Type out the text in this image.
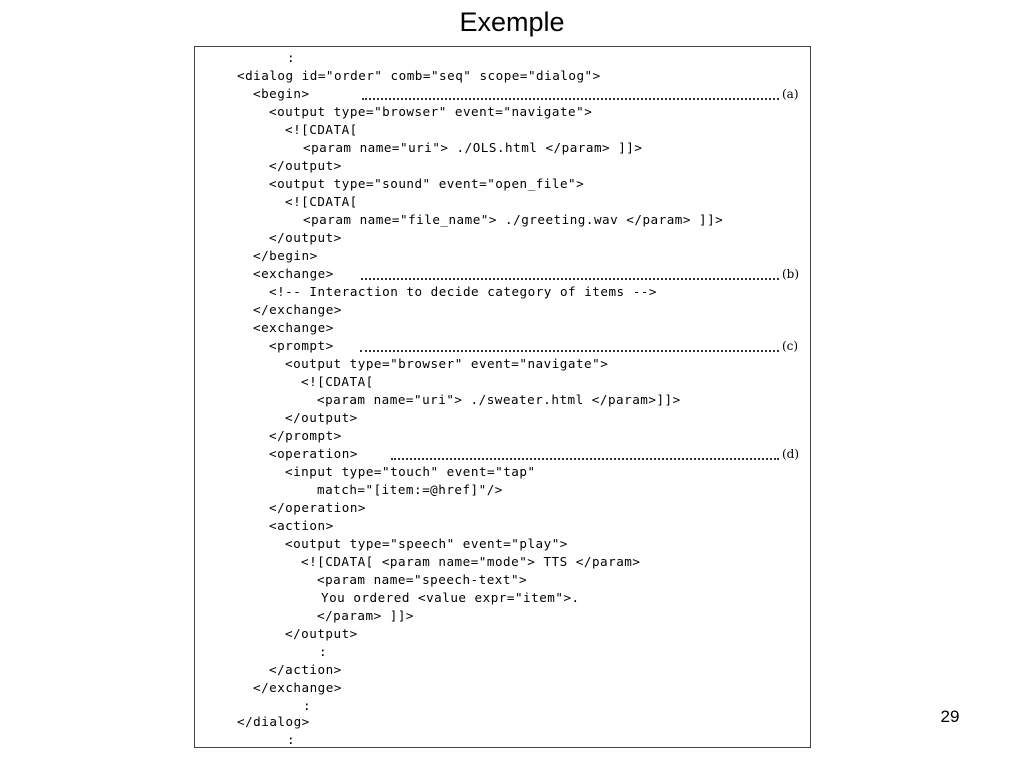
Exemple
:
<dialog id="order" comb="seq" scope="dialog">
<begin>	(a)
<output type="browser" event="navigate">
<![CDATA[
<param name="uri"> ./OLS.html </param> ]]>
</output>
<output type="sound" event="open_file">
<![CDATA[
<param name="file_name"> ./greeting.wav </param> ]]>
</output>
</begin>
<exchange>	(b)
<!-- Interaction to decide category of items -->
</exchange>
<exchange>
<prompt>	(c)
<output type="browser" event="navigate">
<![CDATA[
<param name="uri"> ./sweater.html </param>]]>
</output>
</prompt>
<operation>	(d)
<input type="touch" event="tap"
match="[item:=@href]"/>
</operation>
<action>
<output type="speech" event="play">
<![CDATA[ <param name="mode"> TTS </param>
<param name="speech-text">
You ordered <value expr="item">.
</param> ]]>
</output>
:
</action>
</exchange>
:
</dialog>
:
29
